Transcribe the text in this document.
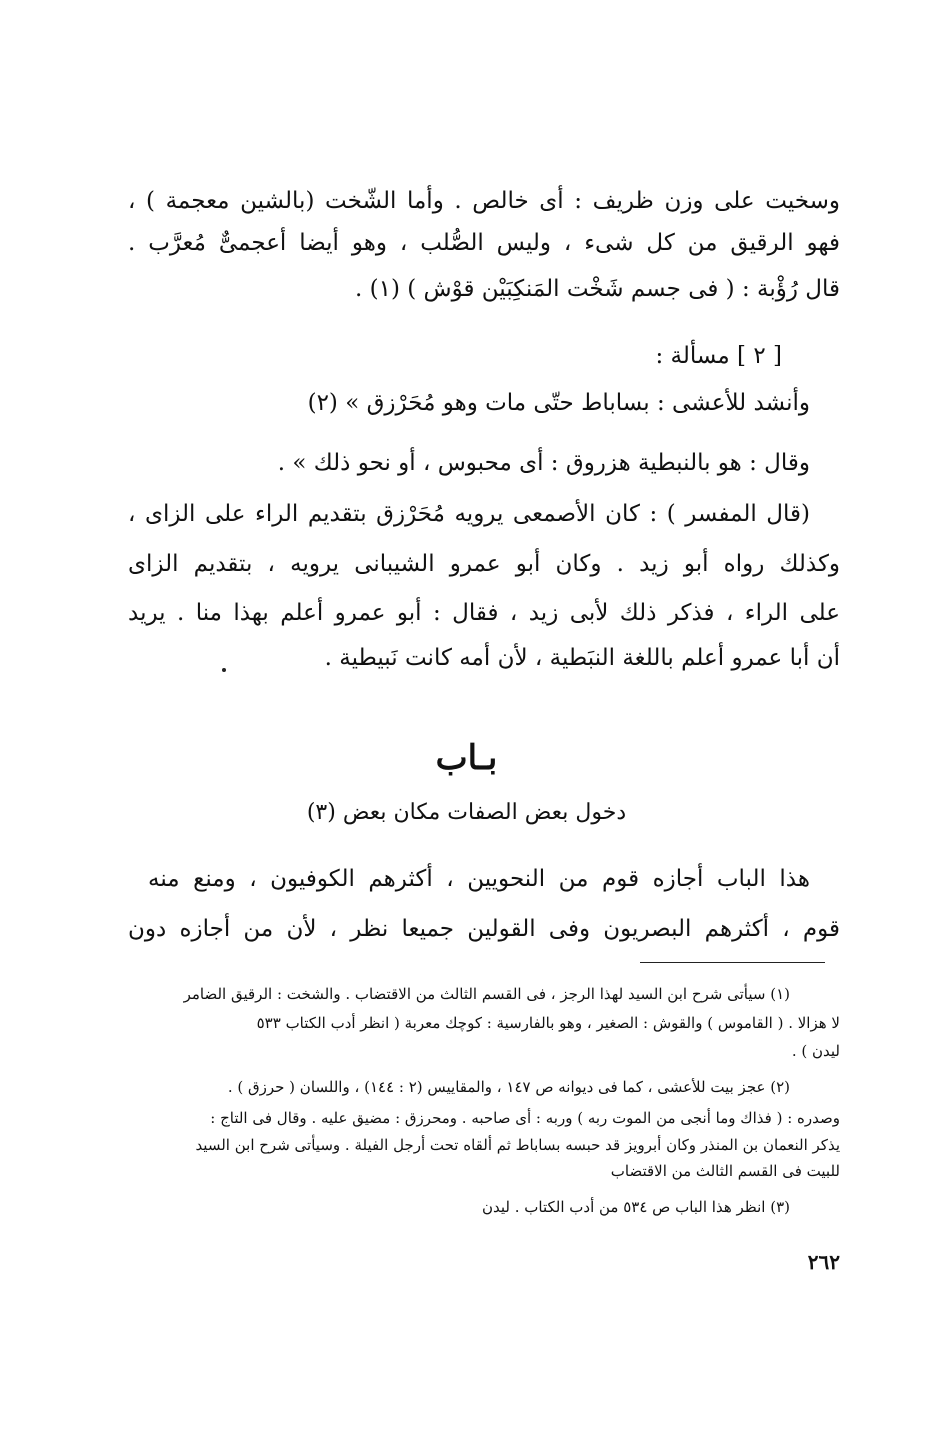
وسخيت على وزن ظريف : أى خالص . وأما الشّخت (بالشين معجمة ) ،
فهو الرقيق من كل شىء ، وليس الصُّلب ، وهو أيضا أعجمىٌّ مُعرَّب .
قال رُؤْبة : ( فى جسم شَخْت المَنكِبَيْن قوْش ) (١) .
[ ٢ ] مسألة :
وأنشد للأعشى : بساباط حتّى مات وهو مُحَرْزق » (٢)
وقال : هو بالنبطية هزروق : أى محبوس ، أو نحو ذلك » .
(قال المفسر ) : كان الأصمعى يرويه مُحَرْزق بتقديم الراء على الزاى ،
وكذلك رواه أبو زيد . وكان أبو عمرو الشيبانى يرويه ، بتقديم الزاى
على الراء ، فذكر ذلك لأبى زيد ، فقال : أبو عمرو أعلم بهذا منا . يريد
أن أبا عمرو أعلم باللغة النبَطية ، لأن أمه كانت نَبيطية .
بـاب
دخول بعض الصفات مكان بعض (٣)
هذا الباب أجازه قوم من النحويين ، أكثرهم الكوفيون ، ومنع منه
قوم ، أكثرهم البصريون وفى القولين جميعا نظر ، لأن من أجازه دون
(١) سيأتى شرح ابن السيد لهذا الرجز ، فى القسم الثالث من الاقتضاب . والشخت : الرقيق الضامر
لا هزالا . ( القاموس ) والقوش : الصغير ، وهو بالفارسية : كوچك معربة ( انظر أدب الكتاب ٥٣٣
ليدن ) .
(٢) عجز بيت للأعشى ، كما فى ديوانه ص ١٤٧ ، والمقاييس (٢ : ١٤٤) ، واللسان ( حرزق ) .
وصدره : ( فذاك وما أنجى من الموت ربه ) وربه : أى صاحبه . ومحرزق : مضيق عليه . وقال فى التاج :
يذكر النعمان بن المنذر وكان أبرويز قد حبسه بساباط ثم ألقاه تحت أرجل الفيلة . وسيأتى شرح ابن السيد
للبيت فى القسم الثالث من الاقتضاب
(٣) انظر هذا الباب ص ٥٣٤ من أدب الكتاب . ليدن
٢٦٢
